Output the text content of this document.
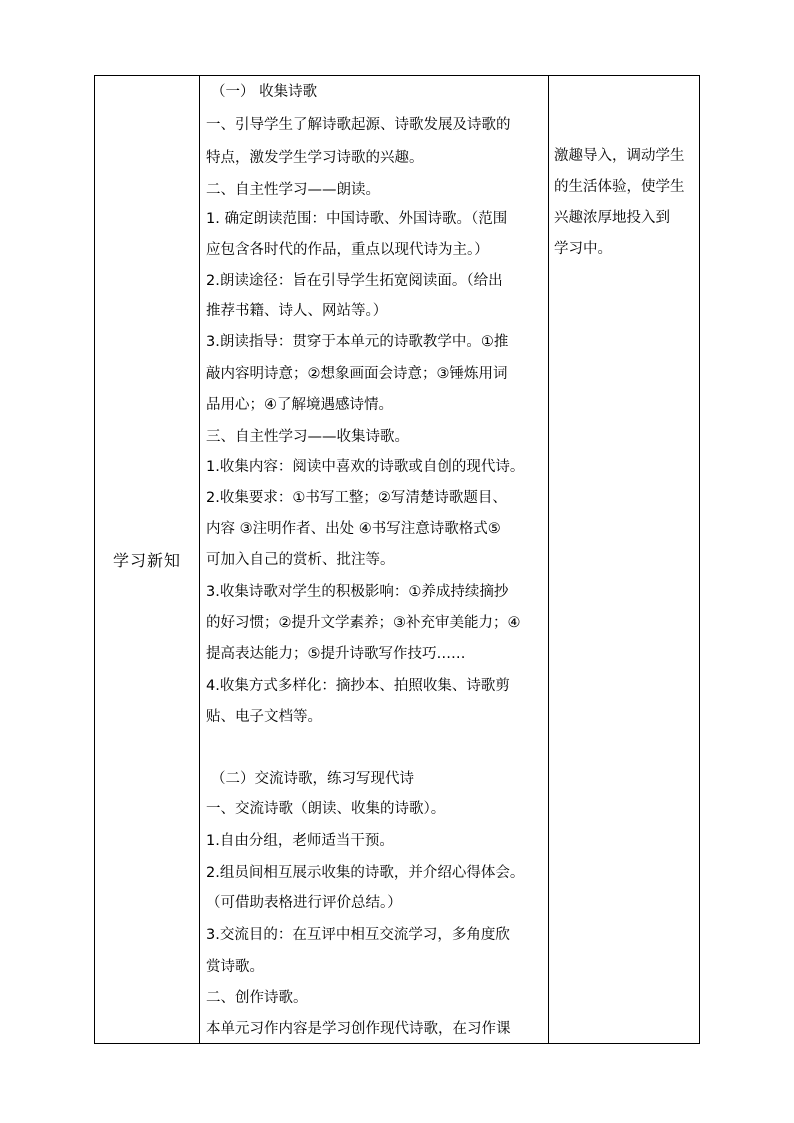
学习新知
（一） 收集诗歌
一、引导学生了解诗歌起源、诗歌发展及诗歌的
特点，激发学生学习诗歌的兴趣。
二、自主性学习——朗读。
1. 确定朗读范围：中国诗歌、外国诗歌。（范围
应包含各时代的作品，重点以现代诗为主。）
2.朗读途径：旨在引导学生拓宽阅读面。（给出
推荐书籍、诗人、网站等。）
3.朗读指导：贯穿于本单元的诗歌教学中。①推
敲内容明诗意；②想象画面会诗意；③锤炼用词
品用心；④了解境遇感诗情。
三、自主性学习——收集诗歌。
1.收集内容：阅读中喜欢的诗歌或自创的现代诗。
2.收集要求：①书写工整；②写清楚诗歌题目、
内容 ③注明作者、出处 ④书写注意诗歌格式⑤
可加入自己的赏析、批注等。
3.收集诗歌对学生的积极影响：①养成持续摘抄
的好习惯；②提升文学素养；③补充审美能力；④
提高表达能力；⑤提升诗歌写作技巧……
4.收集方式多样化：摘抄本、拍照收集、诗歌剪
贴、电子文档等。
（二）交流诗歌，练习写现代诗
一、交流诗歌（朗读、收集的诗歌）。
1.自由分组，老师适当干预。
2.组员间相互展示收集的诗歌，并介绍心得体会。
（可借助表格进行评价总结。）
3.交流目的：在互评中相互交流学习，多角度欣
赏诗歌。
二、创作诗歌。
本单元习作内容是学习创作现代诗歌，在习作课
激趣导入，调动学生
的生活体验，使学生
兴趣浓厚地投入到
学习中。
